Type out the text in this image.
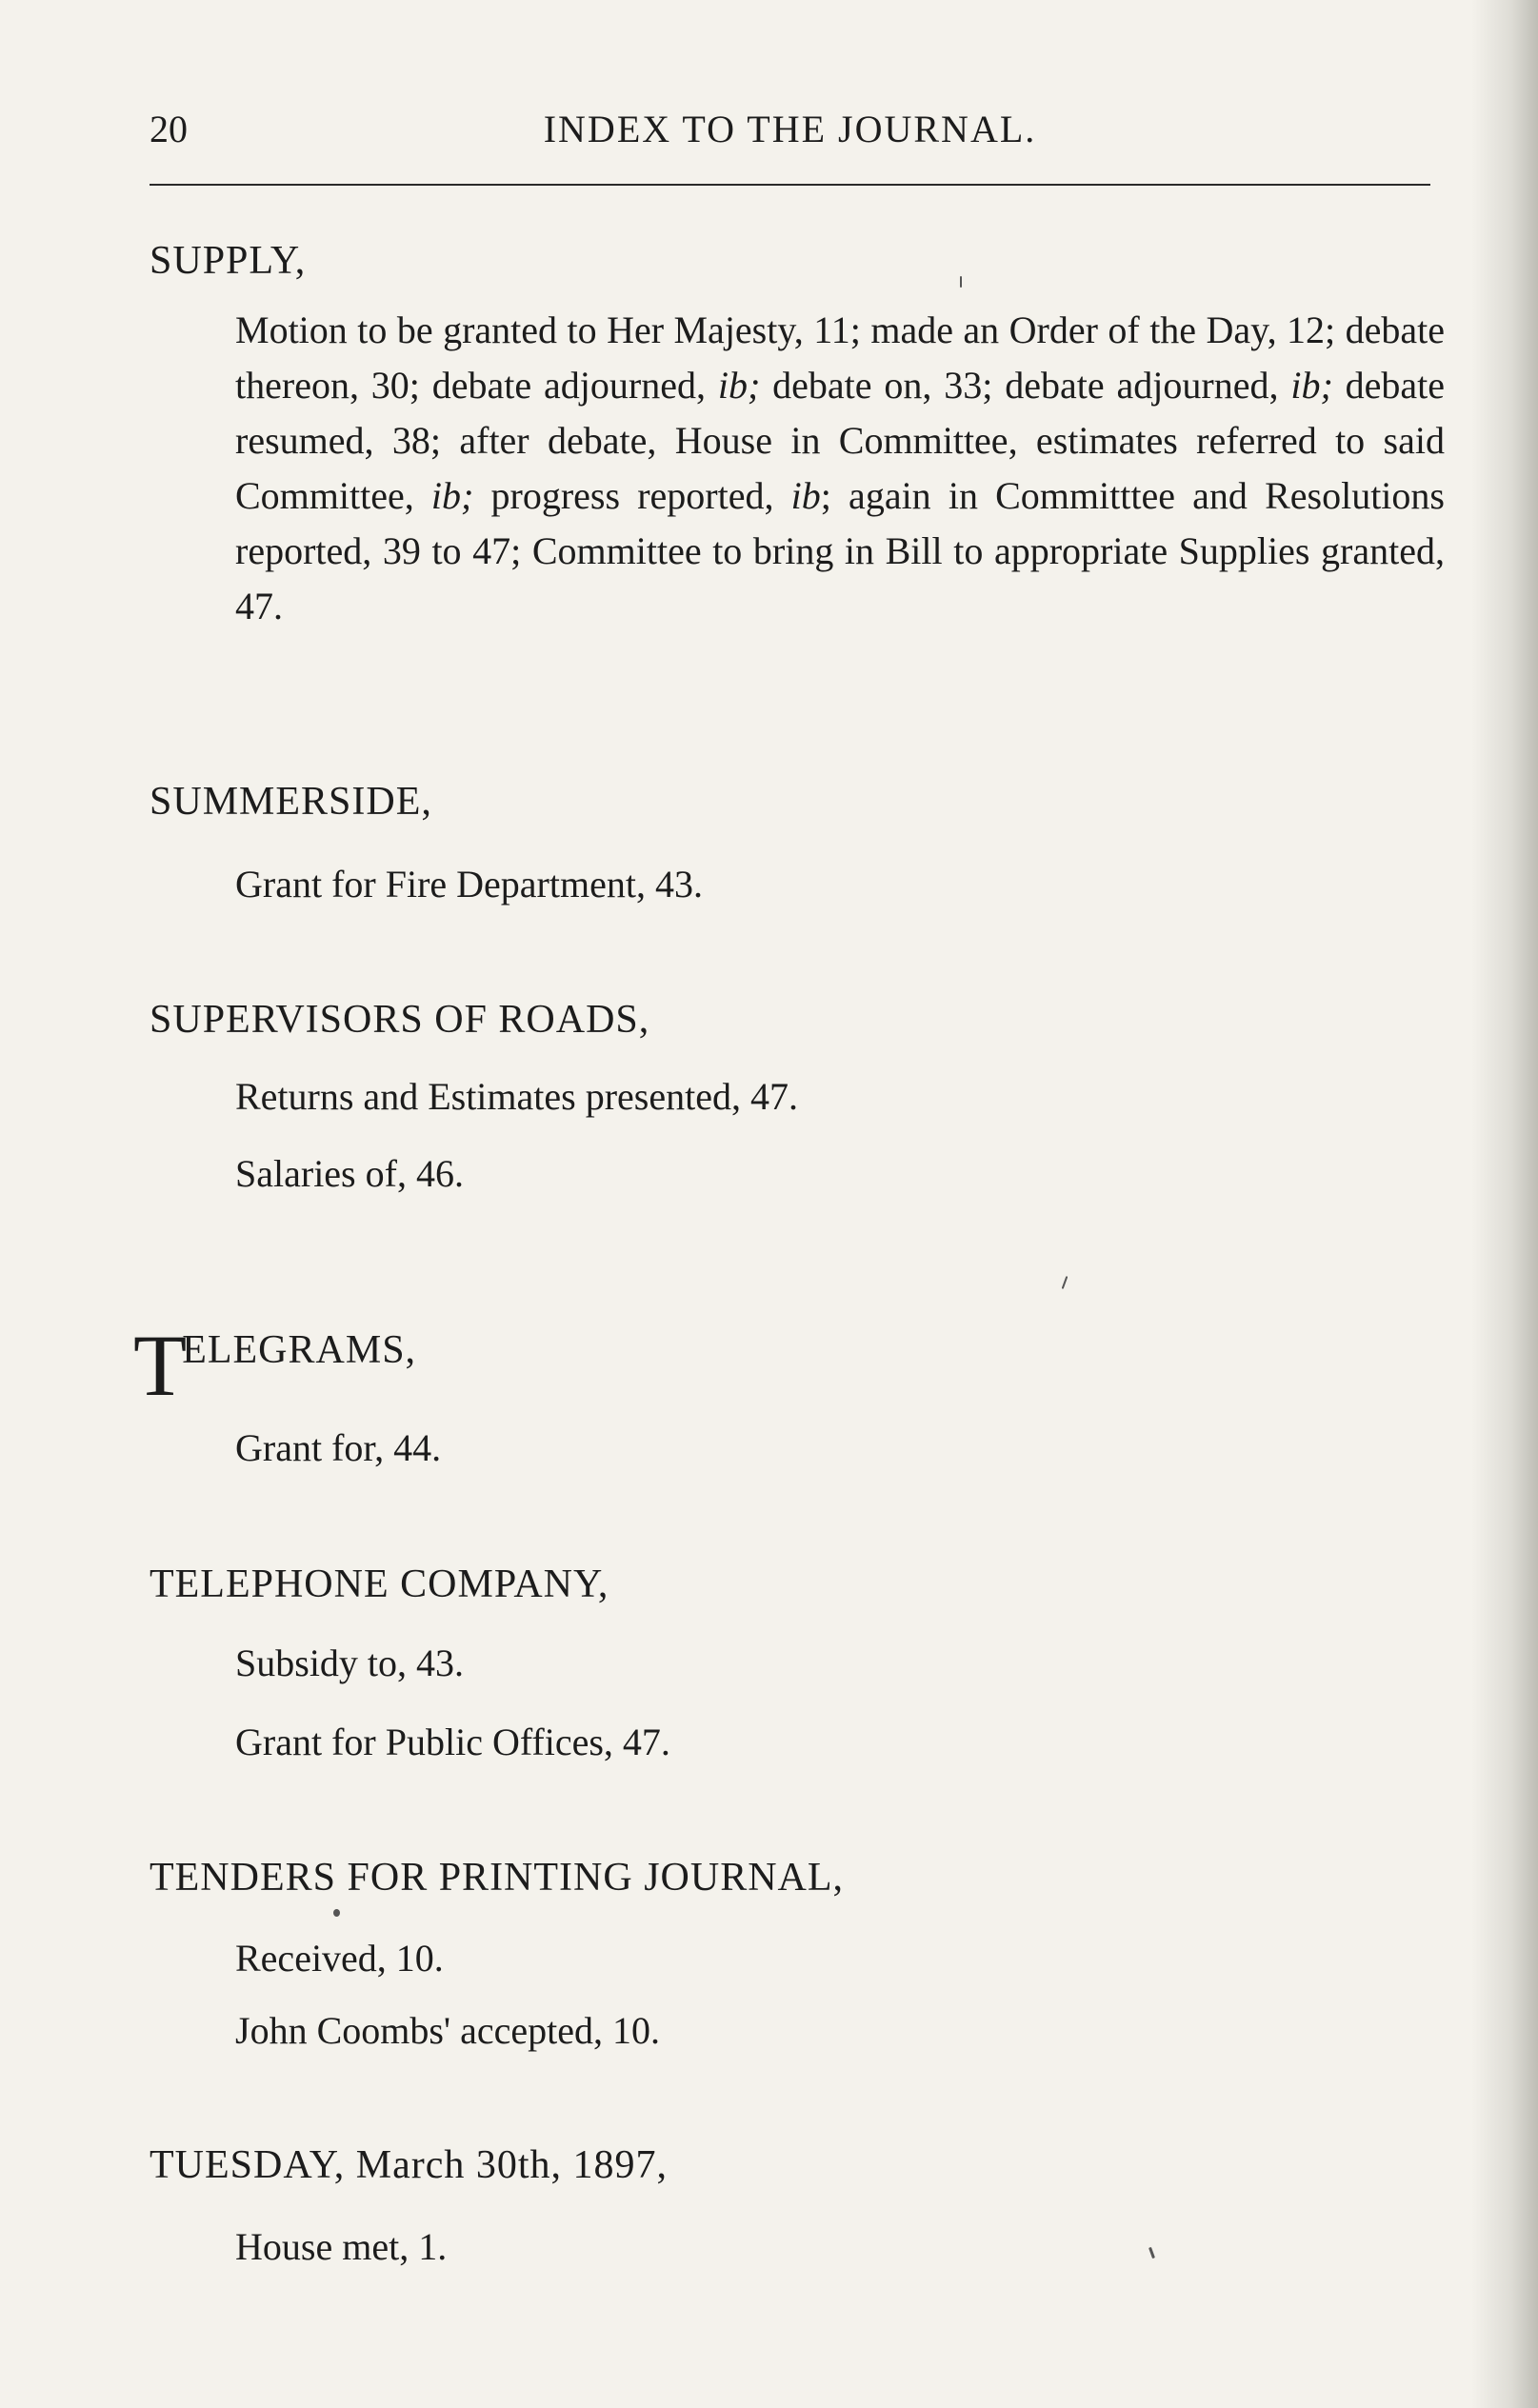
20	INDEX TO THE JOURNAL.
SUPPLY,
Motion to be granted to Her Majesty, 11; made an Order of the Day, 12; debate thereon, 30; debate adjourned, ib; debate on, 33; debate adjourned, ib; debate resumed, 38; after debate, House in Committee, estimates referred to said Committee, ib; progress reported, ib; again in Committtee and Resolutions reported, 39 to 47; Committee to bring in Bill to appropriate Supplies granted, 47.
SUMMERSIDE,
Grant for Fire Department, 43.
SUPERVISORS OF ROADS,
Returns and Estimates presented, 47.
Salaries of, 46.
TELEGRAMS,
Grant for, 44.
TELEPHONE COMPANY,
Subsidy to, 43.
Grant for Public Offices, 47.
TENDERS FOR PRINTING JOURNAL,
Received, 10.
John Coombs' accepted, 10.
TUESDAY, March 30th, 1897,
House met, 1.
